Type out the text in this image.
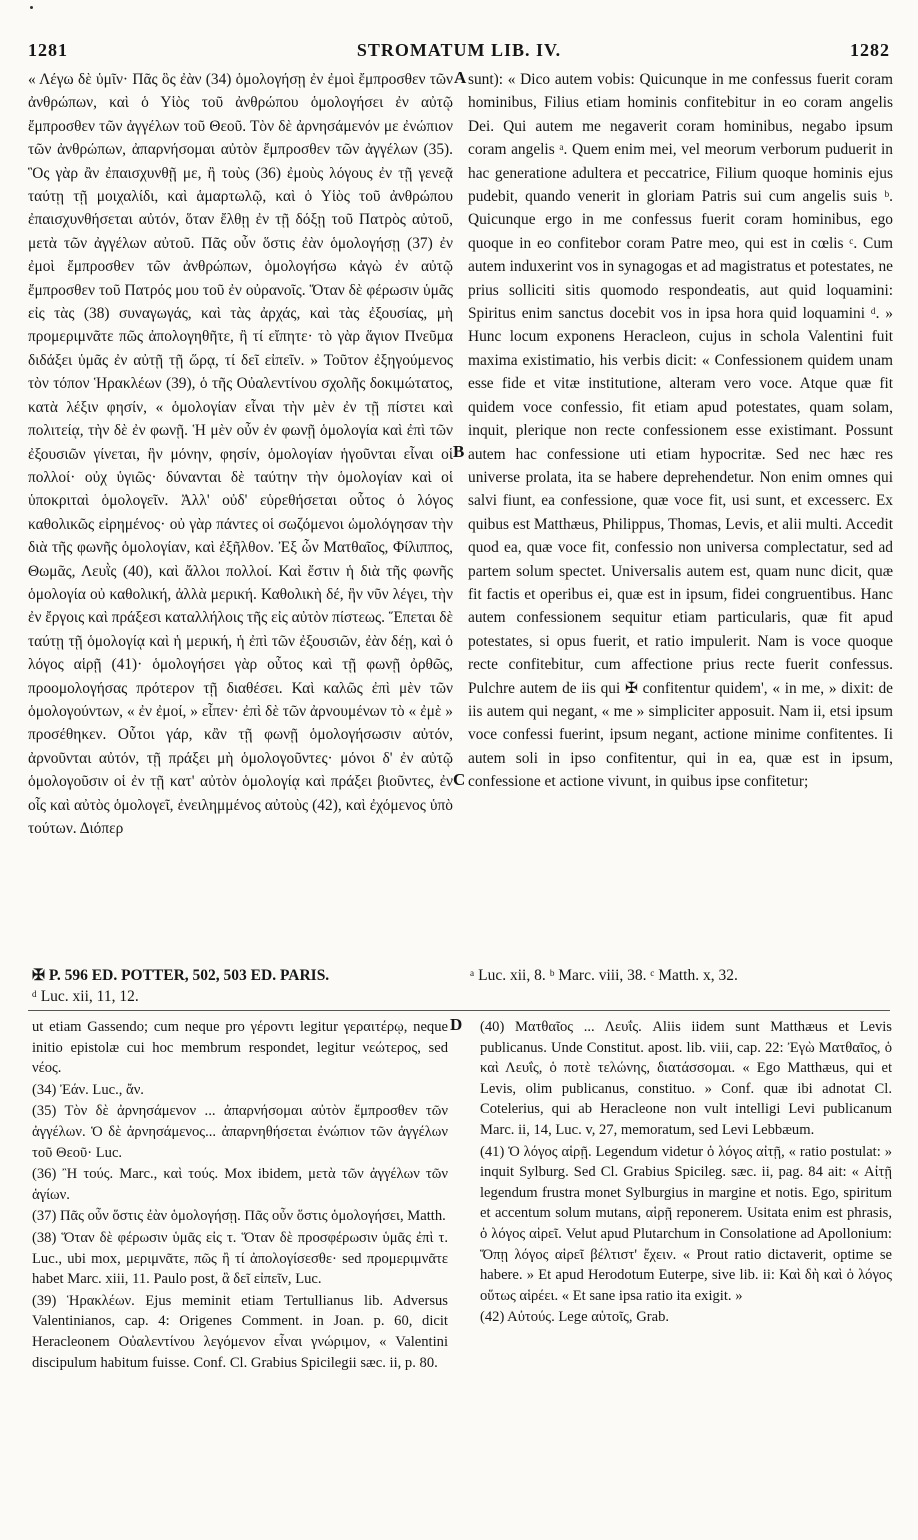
1281	STROMATUM LIB. IV.	1282

« Λέγω δὲ ὑμῖν· Πᾶς ὃς ἐὰν (34) ὁμολογήσῃ ἐν ἐμοὶ ἔμπροσθεν τῶν ἀνθρώπων, καὶ ὁ Υἱὸς τοῦ ἀνθρώπου ὁμολογήσει ἐν αὐτῷ ἔμπροσθεν τῶν ἀγγέλων τοῦ Θεοῦ. Τὸν δὲ ἀρνησάμενόν με ἐνώπιον τῶν ἀνθρώπων, ἀπαρνήσομαι αὐτὸν ἔμπροσθεν τῶν ἀγγέλων (35). Ὃς γὰρ ἂν ἐπαισχυνθῇ με, ἢ τοὺς (36) ἐμοὺς λόγους ἐν τῇ γενεᾷ ταύτῃ τῇ μοιχαλίδι, καὶ ἁμαρτωλῷ, καὶ ὁ Υἱὸς τοῦ ἀνθρώπου ἐπαισχυνθήσεται αὐτόν, ὅταν ἔλθῃ ἐν τῇ δόξῃ τοῦ Πατρὸς αὐτοῦ, μετὰ τῶν ἀγγέλων αὐτοῦ. Πᾶς οὖν ὅστις ἐὰν ὁμολογήσῃ (37) ἐν ἐμοὶ ἔμπροσθεν τῶν ἀνθρώπων, ὁμολογήσω κἀγὼ ἐν αὐτῷ ἔμπροσθεν τοῦ Πατρός μου τοῦ ἐν οὐρανοῖς. Ὅταν δὲ φέρωσιν ὑμᾶς εἰς τὰς (38) συναγωγάς, καὶ τὰς ἀρχάς, καὶ τὰς ἐξουσίας, μὴ προμεριμνᾶτε πῶς ἀπολογηθῆτε, ἢ τί εἴπητε· τὸ γὰρ ἅγιον Πνεῦμα διδάξει ὑμᾶς ἐν αὐτῇ τῇ ὥρᾳ, τί δεῖ εἰπεῖν. » Τοῦτον ἐξηγούμενος τὸν τόπον Ἡρακλέων (39), ὁ τῆς Οὐαλεντίνου σχολῆς δοκιμώτατος, κατὰ λέξιν φησίν, « ὁμολογίαν εἶναι τὴν μὲν ἐν τῇ πίστει καὶ πολιτείᾳ, τὴν δὲ ἐν φωνῇ. Ἡ μὲν οὖν ἐν φωνῇ ὁμολογία καὶ ἐπὶ τῶν ἐξουσιῶν γίνεται, ἣν μόνην, φησίν, ὁμολογίαν ἡγοῦνται εἶναι οἱ πολλοί· οὐχ ὑγιῶς· δύνανται δὲ ταύτην τὴν ὁμολογίαν καὶ οἱ ὑποκριταὶ ὁμολογεῖν. Ἀλλ' οὐδ' εὑρεθήσεται οὗτος ὁ λόγος καθολικῶς εἰρημένος· οὐ γὰρ πάντες οἱ σωζόμενοι ὡμολόγησαν τὴν διὰ τῆς φωνῆς ὁμολογίαν, καὶ ἐξῆλθον. Ἐξ ὧν Ματθαῖος, Φίλιππος, Θωμᾶς, Λευῒς (40), καὶ ἄλλοι πολλοί. Καὶ ἔστιν ἡ διὰ τῆς φωνῆς ὁμολογία οὐ καθολική, ἀλλὰ μερική. Καθολικὴ δέ, ἣν νῦν λέγει, τὴν ἐν ἔργοις καὶ πράξεσι καταλλήλοις τῆς εἰς αὐτὸν πίστεως. Ἕπεται δὲ ταύτῃ τῇ ὁμολογίᾳ καὶ ἡ μερική, ἡ ἐπὶ τῶν ἐξουσιῶν, ἐὰν δέῃ, καὶ ὁ λόγος αἱρῇ (41)· ὁμολογήσει γὰρ οὗτος καὶ τῇ φωνῇ ὀρθῶς, προομολογήσας πρότερον τῇ διαθέσει. Καὶ καλῶς ἐπὶ μὲν τῶν ὁμολογούντων, « ἐν ἐμοί, » εἶπεν· ἐπὶ δὲ τῶν ἀρνουμένων τὸ « ἐμὲ » προσέθηκεν. Οὗτοι γάρ, κἂν τῇ φωνῇ ὁμολογήσωσιν αὐτόν, ἀρνοῦνται αὐτόν, τῇ πράξει μὴ ὁμολογοῦντες· μόνοι δ' ἐν αὐτῷ ὁμολογοῦσιν οἱ ἐν τῇ κατ' αὐτὸν ὁμολογίᾳ καὶ πράξει βιοῦντες, ἐν οἷς καὶ αὐτὸς ὁμολογεῖ, ἐνειλημμένος αὐτοὺς (42), καὶ ἐχόμενος ὑπὸ τούτων. Διόπερ

A
B
C
D

sunt): « Dico autem vobis: Quicunque in me confessus fuerit coram hominibus, Filius etiam hominis confitebitur in eo coram angelis Dei. Qui autem me negaverit coram hominibus, negabo ipsum coram angelis ᵃ. Quem enim mei, vel meorum verborum puduerit in hac generatione adultera et peccatrice, Filium quoque hominis ejus pudebit, quando venerit in gloriam Patris sui cum angelis suis ᵇ. Quicunque ergo in me confessus fuerit coram hominibus, ego quoque in eo confitebor coram Patre meo, qui est in cœlis ᶜ. Cum autem induxerint vos in synagogas et ad magistratus et potestates, ne prius solliciti sitis quomodo respondeatis, aut quid loquamini: Spiritus enim sanctus docebit vos in ipsa hora quid loquamini ᵈ. » Hunc locum exponens Heracleon, cujus in schola Valentini fuit maxima existimatio, his verbis dicit: « Confessionem quidem unam esse fide et vitæ institutione, alteram vero voce. Atque quæ fit quidem voce confessio, fit etiam apud potestates, quam solam, inquit, plerique non recte confessionem esse existimant. Possunt autem hac confessione uti etiam hypocritæ. Sed nec hæc res universe prolata, ita se habere deprehendetur. Non enim omnes qui salvi fiunt, ea confessione, quæ voce fit, usi sunt, et excesserc. Ex quibus est Matthæus, Philippus, Thomas, Levis, et alii multi. Accedit quod ea, quæ voce fit, confessio non universa complectatur, sed ad partem solum spectet. Universalis autem est, quam nunc dicit, quæ fit factis et operibus ei, quæ est in ipsum, fidei congruentibus. Hanc autem confessionem sequitur etiam particularis, quæ fit apud potestates, si opus fuerit, et ratio impulerit. Nam is voce quoque recte confitebitur, cum affectione prius recte fuerit confessus. Pulchre autem de iis qui ✠ confitentur quidem', « in me, » dixit: de iis autem qui negant, « me » simpliciter apposuit. Nam ii, etsi ipsum voce confessi fuerint, ipsum negant, actione minime confitentes. Ii autem soli in ipso confitentur, qui in ea, quæ est in ipsum, confessione et actione vivunt, in quibus ipse confitetur;

✠ P. 596 ED. POTTER, 502, 503 ED. PARIS.
ᵈ Luc. xii, 11, 12.
ᵃ Luc. xii, 8. ᵇ Marc. viii, 38. ᶜ Matth. x, 32.

ut etiam Gassendo; cum neque pro γέροντι legitur γεραιτέρῳ, neque initio epistolæ cui hoc membrum respondet, legitur νεώτερος, sed νέος.

(34) Ἐάν. Luc., ἄν.

(35) Τὸν δὲ ἀρνησάμενον ... ἀπαρνήσομαι αὐτὸν ἔμπροσθεν τῶν ἀγγέλων. Ὁ δὲ ἀρνησάμενος... ἀπαρνηθήσεται ἐνώπιον τῶν ἀγγέλων τοῦ Θεοῦ· Luc.

(36) Ἢ τούς. Marc., καὶ τούς. Mox ibidem, μετὰ τῶν ἀγγέλων τῶν ἁγίων.

(37) Πᾶς οὖν ὅστις ἐὰν ὁμολογήσῃ. Πᾶς οὖν ὅστις ὁμολογήσει, Matth.

(38) Ὅταν δὲ φέρωσιν ὑμᾶς εἰς τ. Ὅταν δὲ προσφέρωσιν ὑμᾶς ἐπὶ τ. Luc., ubi mox, μεριμνᾶτε, πῶς ἢ τί ἀπολογίσεσθε· sed προμεριμνᾶτε habet Marc. xiii, 11. Paulo post, ἃ δεῖ εἰπεῖν, Luc.

(39) Ἡρακλέων. Ejus meminit etiam Tertullianus lib. Adversus Valentinianos, cap. 4: Origenes Comment. in Joan. p. 60, dicit Heracleonem Οὐαλεντίνου λεγόμενον εἶναι γνώριμον, « Valentini discipulum habitum fuisse. Conf. Cl. Grabius Spicilegii sæc. ii, p. 80.

(40) Ματθαῖος ... Λευΐς. Aliis iidem sunt Matthæus et Levis publicanus. Unde Constitut. apost. lib. viii, cap. 22: Ἐγὼ Ματθαῖος, ὁ καὶ Λευΐς, ὁ ποτὲ τελώνης, διατάσσομαι. « Ego Matthæus, qui et Levis, olim publicanus, constituo. » Conf. quæ ibi adnotat Cl. Cotelerius, qui ab Heracleone non vult intelligi Levi publicanum Marc. ii, 14, Luc. v, 27, memoratum, sed Levi Lebbæum.

(41) Ὁ λόγος αἱρῇ. Legendum videtur ὁ λόγος αἰτῇ, « ratio postulat: » inquit Sylburg. Sed Cl. Grabius Spicileg. sæc. ii, pag. 84 ait: « Αἰτῇ legendum frustra monet Sylburgius in margine et notis. Ego, spiritum et accentum solum mutans, αἱρῇ reponerem. Usitata enim est phrasis, ὁ λόγος αἱρεῖ. Velut apud Plutarchum in Consolatione ad Apollonium: Ὅπῃ λόγος αἱρεῖ βέλτιστ' ἔχειν. « Prout ratio dictaverit, optime se habere. » Et apud Herodotum Euterpe, sive lib. ii: Καὶ δὴ καὶ ὁ λόγος οὕτως αἱρέει. « Et sane ipsa ratio ita exigit. »

(42) Αὐτούς. Lege αὑτοῖς, Grab.
